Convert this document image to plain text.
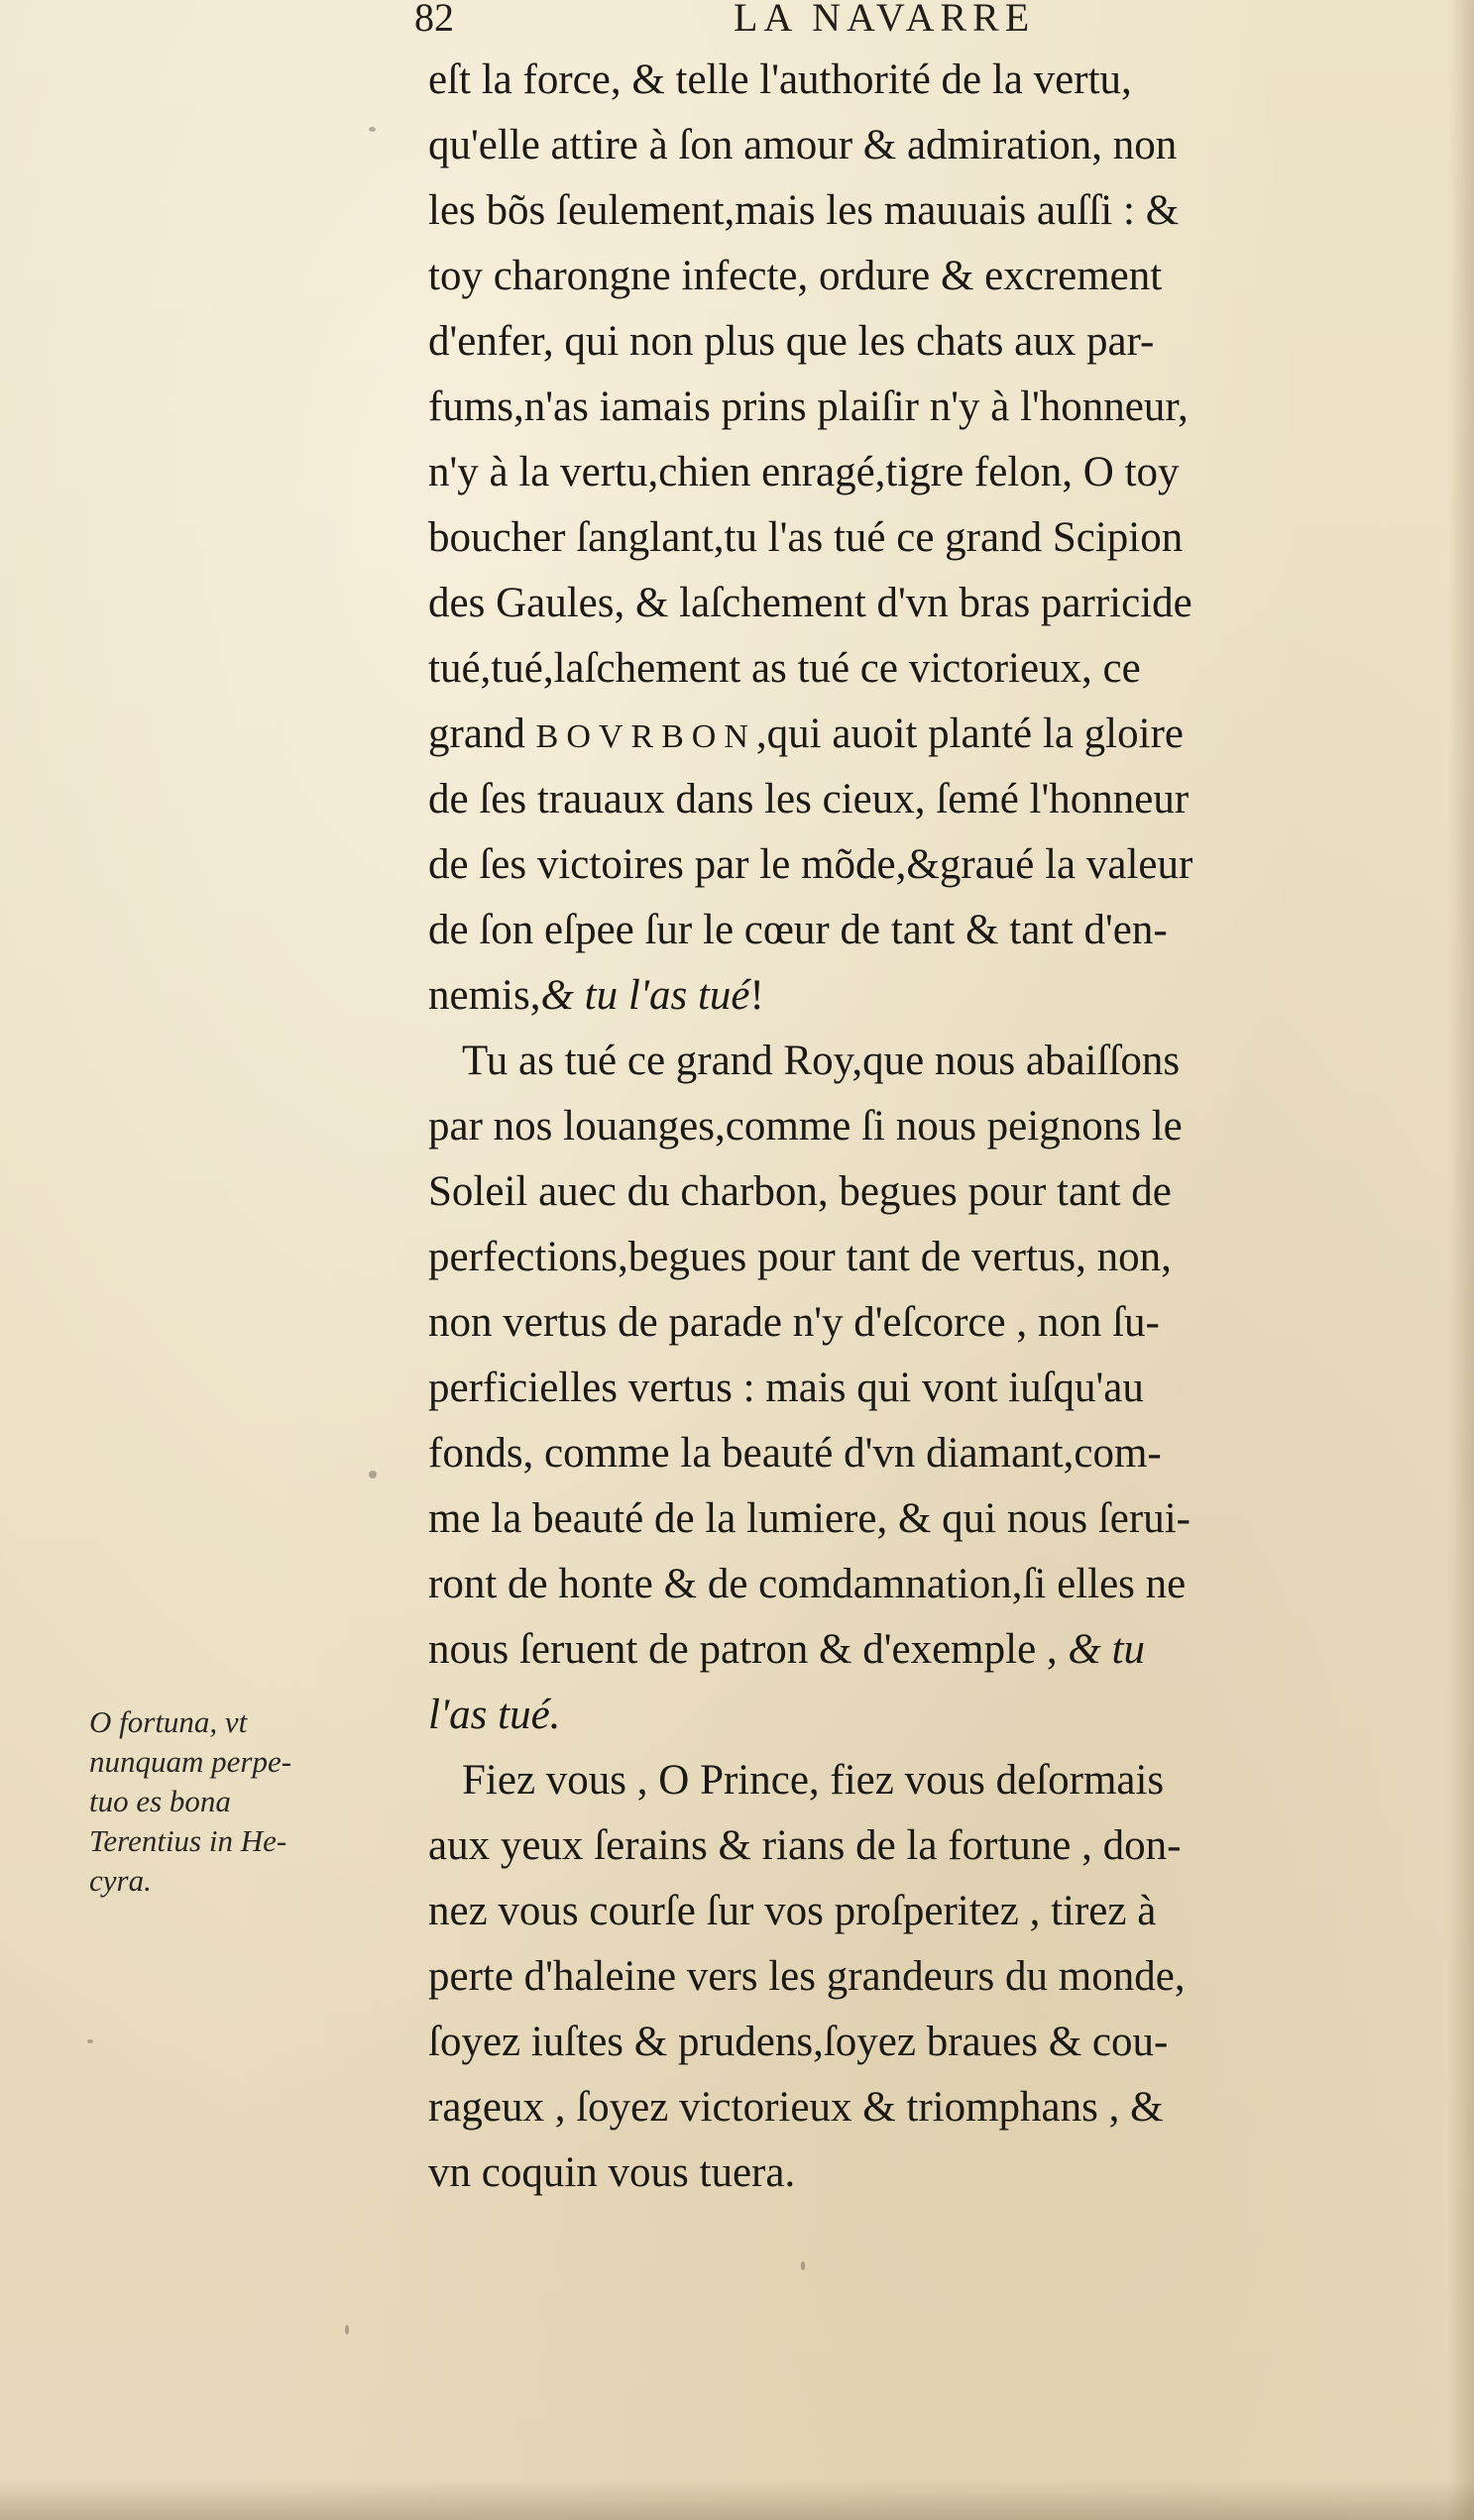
82	LA NAVARRE
eſt la force, & telle l'authorité de la vertu,
qu'elle attire à ſon amour & admiration, non
les bõs ſeulement,mais les mauuais auſſi : &
toy charongne infecte, ordure & excrement
d'enfer, qui non plus que les chats aux par-
fums,n'as iamais prins plaiſir n'y à l'honneur,
n'y à la vertu,chien enragé,tigre felon, O toy
boucher ſanglant,tu l'as tué ce grand Scipion
des Gaules, & laſchement d'vn bras parricide
tué,tué,laſchement as tué ce victorieux, ce
grand BOVRBON,qui auoit planté la gloire
de ſes trauaux dans les cieux, ſemé l'honneur
de ſes victoires par le mõde,&graué la valeur
de ſon eſpee ſur le cœur de tant & tant d'en-
nemis,& tu l'as tué!
Tu as tué ce grand Roy,que nous abaiſſons
par nos louanges,comme ſi nous peignons le
Soleil auec du charbon, begues pour tant de
perfections,begues pour tant de vertus, non,
non vertus de parade n'y d'eſcorce , non ſu-
perficielles vertus : mais qui vont iuſqu'au
fonds, comme la beauté d'vn diamant,com-
me la beauté de la lumiere, & qui nous ſerui-
ront de honte & de comdamnation,ſi elles ne
nous ſeruent de patron & d'exemple , & tu
l'as tué.
Fiez vous , O Prince, fiez vous deſormais
aux yeux ſerains & rians de la fortune , don-
nez vous courſe ſur vos proſperitez , tirez à
perte d'haleine vers les grandeurs du monde,
ſoyez iuſtes & prudens,ſoyez braues & cou-
rageux , ſoyez victorieux & triomphans , &
vn coquin vous tuera.
O fortuna, vt
nunquam perpe-
tuo es bona
Terentius in He-
cyra.
